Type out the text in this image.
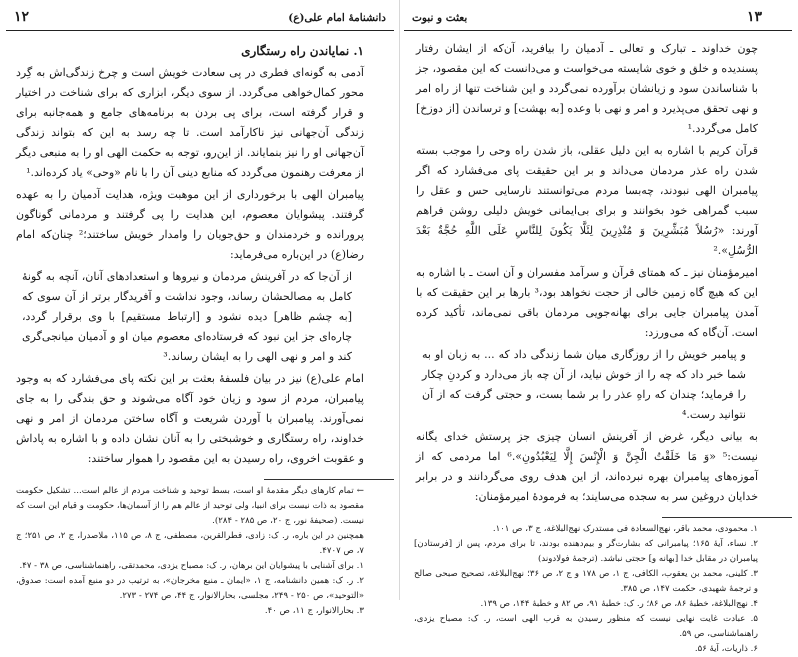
۱۲	دانشنامهٔ امام علی(ع)
۱. نمایاندن راه رستگاری

آدمی به گونه‌ای فطری در پی سعادت خویش است و چرخ زندگی‌اش به گِرد محور کمال‌خواهی می‌گردد. از سوی دیگر، ابزاری که برای شناخت در اختیار و قرار گرفته است، برای پی بردن به برنامه‌های جامع و همه‌جانبه برای زندگی آن‌جهانی نیز ناکارآمد است. تا چه رسد به این که بتواند زندگی آن‌جهانی او را نیز بنمایاند. از این‌رو، توجه به حکمت الهی او را به منبعی دیگر از معرفت رهنمون می‌گردد که منابع دینی آن را با نام «وحی» یاد کرده‌اند.¹

پیامبران الهی با برخورداری از این موهبت ویژه، هدایت آدمیان را به عهده گرفتند. پیشوایان معصوم، این هدایت را پی گرفتند و مردمانی گوناگون پرورانده و خردمندان و حق‌جویان را وامدار خویش ساختند؛² چنان‌که امام رضا(ع) در این‌باره می‌فرماید:

از آن‌جا که در آفرینش مردمان و نیروها و استعدادهای آنان، آنچه به گونهٔ کامل به مصالحشان رساند، وجود نداشت و آفریدگار برتر از آن سوی که [به چشم ظاهر] دیده نشود و [ارتباط مستقیم] با وی برقرار گردد، چاره‌ای جز این نبود که فرستاده‌ای معصوم میان او و آدمیان میانجی‌گری کند و امر و نهی الهی را به ایشان رساند.³

امام علی(ع) نیز در بیان فلسفهٔ بعثت بر این نکته پای می‌فشارد که به وجود پیامبران، مردم از سود و زیان خود آگاه می‌شوند و حق بندگی را به جای نمی‌آورند. پیامبران با آوردن شریعت و آگاه ساختن مردمان از امر و نهی خداوند، راه رستگاری و خوشبختی را به آنان نشان داده و با اشاره به پاداش و عقوبت اخروی، راه رسیدن به این مقصود را هموار ساختند:

← تمام کارهای دیگر مقدمهٔ او است، بسط توحید و شناخت مردم از عالم است... تشکیل حکومت مقصود به ذات نیست برای انبیا، ولی توحید از عالم هم را از آسمان‌ها، حکومت و قیام این است که نیست. (صحیفهٔ نور، ج ۲۰، ص ۲۸۵ - ۲۸۴).
همچنین در این باره، ر. ک: زادی، فطرالقرین، مصطفی، ج ۸، ص ۱۱۵، ملاصدرا، ج ۲، ص ۲۵۱؛ ج ۷، ص ۴۷۰۷.
۱. برای آشنایی با پیشوایان این برهان، ر. ک: مصباح یزدی، محمدتقی، راهنماشناسی، ص ۳۸ - ۴۷.
۲. ر. ک: همین دانشنامه، ج ۱، «ایمان ـ منبع مخرجان»، به ترتیب در دو منبع آمده است: صدوق، «التوحید»، ص ۲۵۰ - ۲۴۹، مجلسی، بحارالانوار، ج ۴۴، ص ۲۷۴ - ۲۷۳.
۳. بحارالانوار، ج ۱۱، ص ۴۰.
۱۳
بعثت و نبوت

چون خداوند ـ تبارک و تعالی ـ آدمیان را بیافرید، آن‌که از ایشان رفتار پسندیده و خلق و خوی شایسته می‌خواست و می‌دانست که این مقصود، جز با شناساندن سود و زیانشان برآورده نمی‌گردد و این شناخت تنها از راه امر و نهی تحقق می‌پذیرد و امر و نهی با وعده [به بهشت] و ترساندن [از دوزخ] کامل می‌گردد.¹

قرآن کریم با اشاره به این دلیل عقلی، باز شدن راه وحی را موجب بسته شدن راه عذر مردمان می‌داند و بر این حقیقت پای می‌فشارد که اگر پیامبران الهی نبودند، چه‌بسا مردم می‌توانستند نارسایی حس و عقل را سبب گمراهی خود بخوانند و برای بی‌ایمانی خویش دلیلی روشن فراهم آورند: «رُسُلاً مُبَشِّرِينَ وَ مُنْذِرِينَ لِئَلَّا يَكُونَ لِلنَّاسِ عَلَى اللَّهِ حُجَّةٌ بَعْدَ الرُّسُلِ».²

امیرمؤمنان نیز ـ که همتای قرآن و سرآمد مفسران و آن است ـ با اشاره به این که هیچ گاه زمین خالی از حجت نخواهد بود،³ بارها بر این حقیقت که با آمدن پیامبران جایی برای بهانه‌جویی مردمان باقی نمی‌ماند، تأکید کرده است. آن‌گاه که می‌ورزد:

و پیامبر خویش را از روزگاری میان شما زندگی داد که ... به زبان او به شما خبر داد که چه را از خوش نیاید، از آن چه باز می‌دارد و کردنِ چکار را فرماید؛ چندان که راهِ عذر را بر شما بست، و حجتی گرفت که از آن نتوانید رست.⁴

به بیانی دیگر، غرض از آفرینش انسان چیزی جز پرستش خدای یگانه نیست:⁵ «وَ مَا خَلَقْتُ الْجِنَّ وَ الْإِنْسَ إِلَّا لِيَعْبُدُونِ».⁶ اما مردمی که از آموزه‌های پیامبران بهره نبرده‌اند، از این هدف روی می‌گردانند و در برابر خدایان دروغین سر به سجده می‌سایند؛ به فرمودهٔ امیرمؤمنان:

۱. محمودی، محمد باقر، نهج‌السعادة فی مستدرک نهج‌البلاغة، ج ۳، ص ۱۰۱.
۲. نساء، آیهٔ ۱۶۵؛ پیامبرانی که بشارت‌گر و بیم‌دهنده بودند، تا برای مردم، پس از [فرستادن] پیامبران در مقابل خدا [بهانه و] حجتی نباشد. (ترجمهٔ فولادوند)
۳. کلینی، محمد بن یعقوب، الکافی، ج ۱، ص ۱۷۸ و ج ۲، ص ۳۶؛ نهج‌البلاغة، تصحیح صبحی صالح و ترجمهٔ شهیدی، حکمت ۱۴۷، ص ۳۸۵.
۴. نهج‌البلاغة، خطبهٔ ۸۶، ص ۸۶؛ ر. ک: خطبهٔ ۹۱، ص ۸۲ و خطبهٔ ۱۴۴، ص ۱۳۹.
۵. عبادت غایت نهایی نیست که منظور رسیدن به قرب الهی است، ر. ک: مصباح یزدی، راهنماشناسی، ص ۵۹.
۶. ذاریات، آیهٔ ۵۶.
